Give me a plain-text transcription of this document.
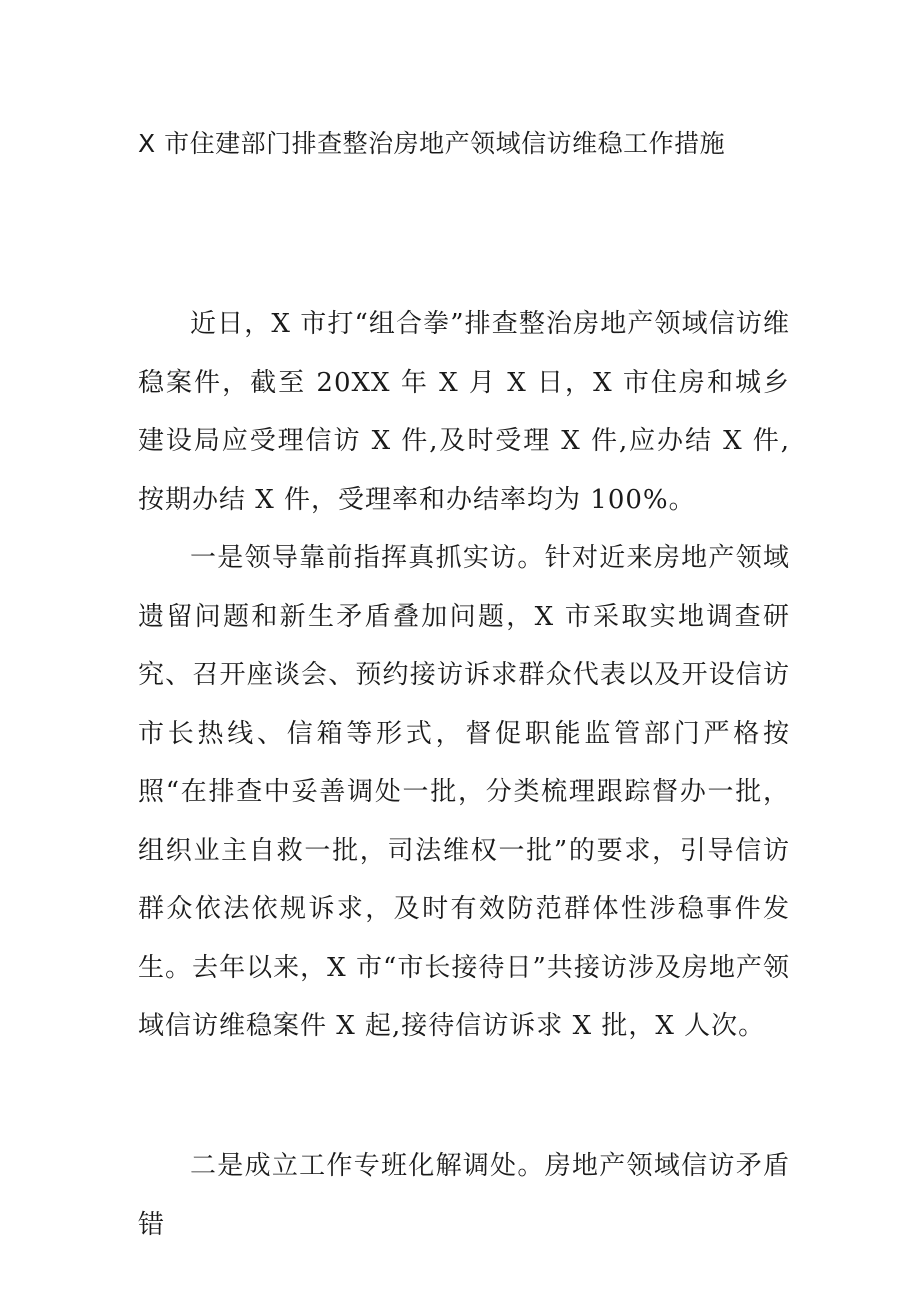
X 市住建部门排查整治房地产领域信访维稳工作措施

近日，X 市打“组合拳”排查整治房地产领域信访维稳案件，截至 20XX 年 X 月 X 日，X 市住房和城乡建设局应受理信访 X 件,及时受理 X 件,应办结 X 件,按期办结 X 件，受理率和办结率均为 100%。

一是领导靠前指挥真抓实访。针对近来房地产领域遗留问题和新生矛盾叠加问题，X 市采取实地调查研究、召开座谈会、预约接访诉求群众代表以及开设信访市长热线、信箱等形式，督促职能监管部门严格按照“在排查中妥善调处一批，分类梳理跟踪督办一批，组织业主自救一批，司法维权一批”的要求，引导信访群众依法依规诉求，及时有效防范群体性涉稳事件发生。去年以来，X 市“市长接待日”共接访涉及房地产领域信访维稳案件 X 起,接待信访诉求 X 批，X 人次。

二是成立工作专班化解调处。房地产领域信访矛盾错
